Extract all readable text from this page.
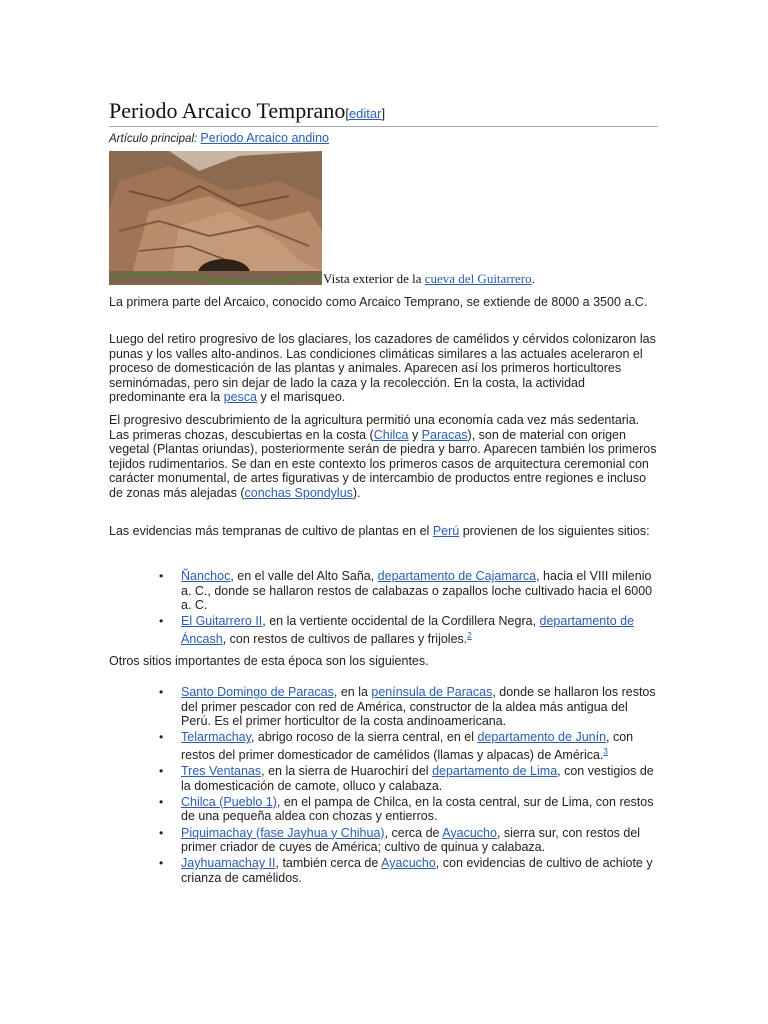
Periodo Arcaico Temprano[editar]
Artículo principal: Periodo Arcaico andino
Vista exterior de la cueva del Guitarrero.

La primera parte del Arcaico, conocido como Arcaico Temprano, se extiende de 8000 a 3500 a.C.

Luego del retiro progresivo de los glaciares, los cazadores de camélidos y cérvidos colonizaron las punas y los valles alto-andinos. Las condiciones climáticas similares a las actuales aceleraron el proceso de domesticación de las plantas y animales. Aparecen así los primeros horticultores seminómadas, pero sin dejar de lado la caza y la recolección. En la costa, la actividad predominante era la pesca y el marisqueo.

El progresivo descubrimiento de la agricultura permitió una economía cada vez más sedentaria. Las primeras chozas, descubiertas en la costa (Chilca y Paracas), son de material con origen vegetal (Plantas oriundas), posteriormente serán de piedra y barro. Aparecen también los primeros tejidos rudimentarios. Se dan en este contexto los primeros casos de arquitectura ceremonial con carácter monumental, de artes figurativas y de intercambio de productos entre regiones e incluso de zonas más alejadas (conchas Spondylus).

Las evidencias más tempranas de cultivo de plantas en el Perú provienen de los siguientes sitios:

• Ñanchoc, en el valle del Alto Saña, departamento de Cajamarca, hacia el VIII milenio a. C., donde se hallaron restos de calabazas o zapallos loche cultivado hacia el 6000 a. C.
• El Guitarrero II, en la vertiente occidental de la Cordillera Negra, departamento de Áncash, con restos de cultivos de pallares y frijoles.$^2$

Otros sitios importantes de esta época son los siguientes.

• Santo Domingo de Paracas, en la península de Paracas, donde se hallaron los restos del primer pescador con red de América, constructor de la aldea más antigua del Perú. Es el primer horticultor de la costa andinoamericana.
• Telarmachay, abrigo rocoso de la sierra central, en el departamento de Junín, con restos del primer domesticador de camélidos (llamas y alpacas) de América.$^3$
• Tres Ventanas, en la sierra de Huarochirí del departamento de Lima, con vestigios de la domesticación de camote, olluco y calabaza.
• Chilca (Pueblo 1), en el pampa de Chilca, en la costa central, sur de Lima, con restos de una pequeña aldea con chozas y entierros.
• Piquimachay (fase Jayhua y Chihua), cerca de Ayacucho, sierra sur, con restos del primer criador de cuyes de América; cultivo de quinua y calabaza.
• Jayhuamachay II, también cerca de Ayacucho, con evidencias de cultivo de achiote y crianza de camélidos.
